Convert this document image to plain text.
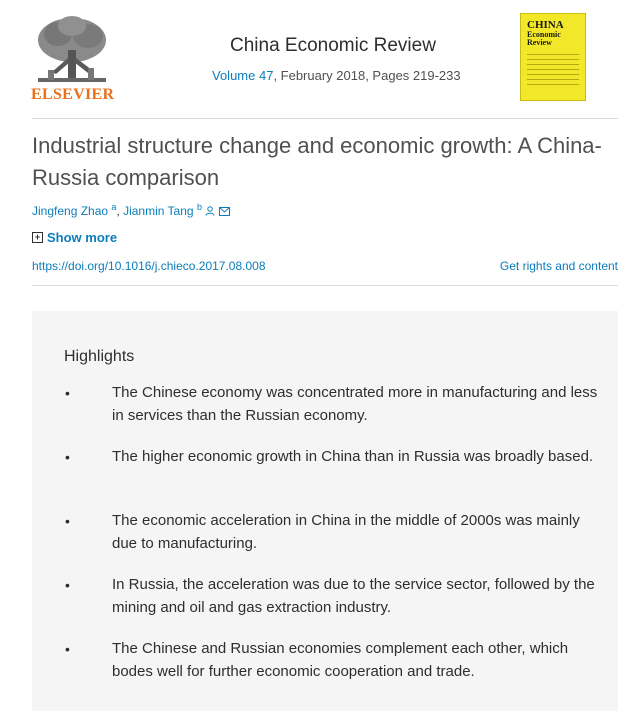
ELSEVIER
China Economic Review
Volume 47, February 2018, Pages 219-233
CHINA
Economic Review
Industrial structure change and economic growth: A China-Russia comparison
Jingfeng Zhao $^a$, Jianmin Tang $^b$
+ Show more
https://doi.org/10.1016/j.chieco.2017.08.008	Get rights and content
Highlights
•	The Chinese economy was concentrated more in manufacturing and less in services than the Russian economy.
•	The higher economic growth in China than in Russia was broadly based.
•	The economic acceleration in China in the middle of 2000s was mainly due to manufacturing.
•	In Russia, the acceleration was due to the service sector, followed by the mining and oil and gas extraction industry.
•	The Chinese and Russian economies complement each other, which bodes well for further economic cooperation and trade.
